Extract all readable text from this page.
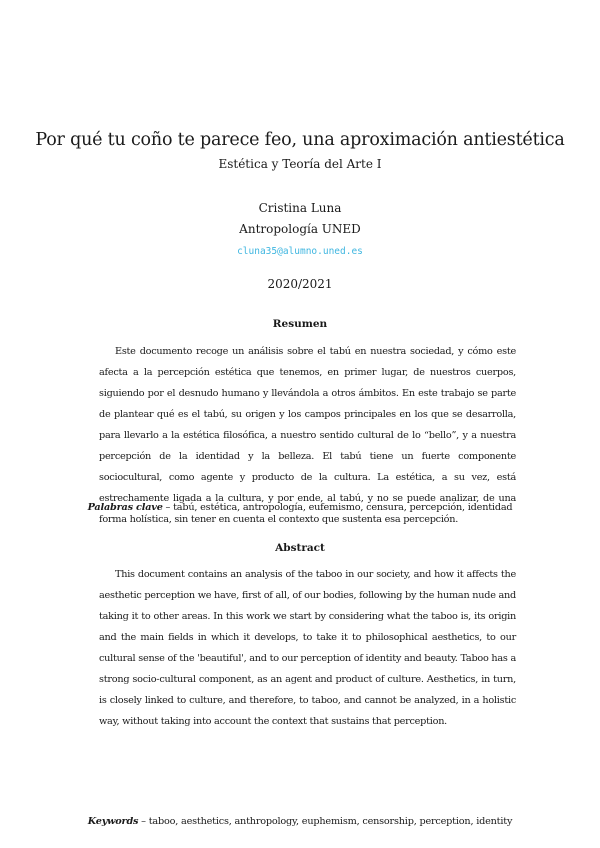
Por qué tu coño te parece feo, una aproximación antiestética
Estética y Teoría del Arte I
Cristina Luna
Antropología UNED
cluna35@alumno.uned.es
2020/2021
Resumen

Este documento recoge un análisis sobre el tabú en nuestra sociedad, y cómo este afecta a la percepción estética que tenemos, en primer lugar, de nuestros cuerpos, siguiendo por el desnudo humano y llevándola a otros ámbitos. En este trabajo se parte de plantear qué es el tabú, su origen y los campos principales en los que se desarrolla, para llevarlo a la estética filosófica, a nuestro sentido cultural de lo “bello”, y a nuestra percepción de la identidad y la belleza. El tabú tiene un fuerte componente sociocultural, como agente y producto de la cultura. La estética, a su vez, está estrechamente ligada a la cultura, y por ende, al tabú, y no se puede analizar, de una forma holística, sin tener en cuenta el contexto que sustenta esa percepción.

Palabras clave – tabú, estética, antropología, eufemismo, censura, percepción, identidad
Abstract

This document contains an analysis of the taboo in our society, and how it affects the aesthetic perception we have, first of all, of our bodies, following by the human nude and taking it to other areas. In this work we start by considering what the taboo is, its origin and the main fields in which it develops, to take it to philosophical aesthetics, to our cultural sense of the 'beautiful', and to our perception of identity and beauty. Taboo has a strong socio-cultural component, as an agent and product of culture. Aesthetics, in turn, is closely linked to culture, and therefore, to taboo, and cannot be analyzed, in a holistic way, without taking into account the context that sustains that perception.

Keywords – taboo, aesthetics, anthropology, euphemism, censorship, perception, identity
